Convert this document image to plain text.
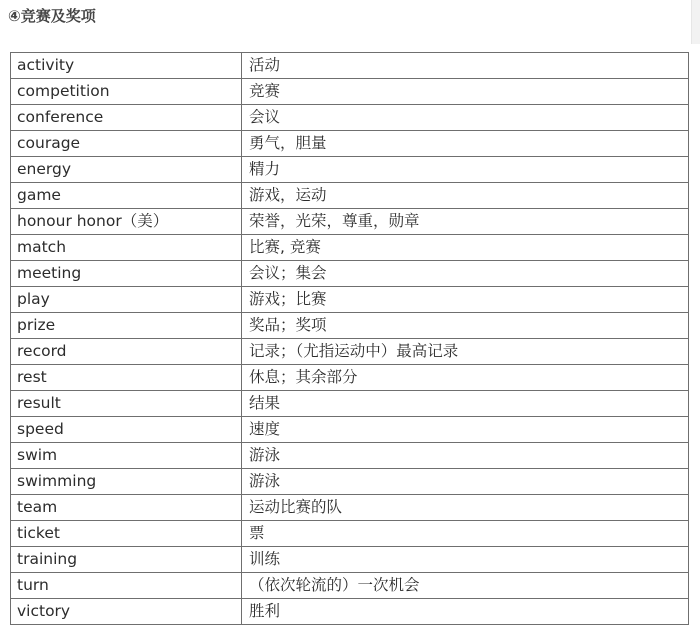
④竞赛及奖项
activity	活动
competition	竞赛
conference	会议
courage	勇气，胆量
energy	精力
game	游戏，运动
honour honor（美）	荣誉，光荣，尊重，勋章
match	比赛, 竞赛
meeting	会议；集会
play	游戏；比赛
prize	奖品；奖项
record	记录；（尤指运动中）最高记录
rest	休息；其余部分
result	结果
speed	速度
swim	游泳
swimming	游泳
team	运动比赛的队
ticket	票
training	训练
turn	（依次轮流的）一次机会
victory	胜利
